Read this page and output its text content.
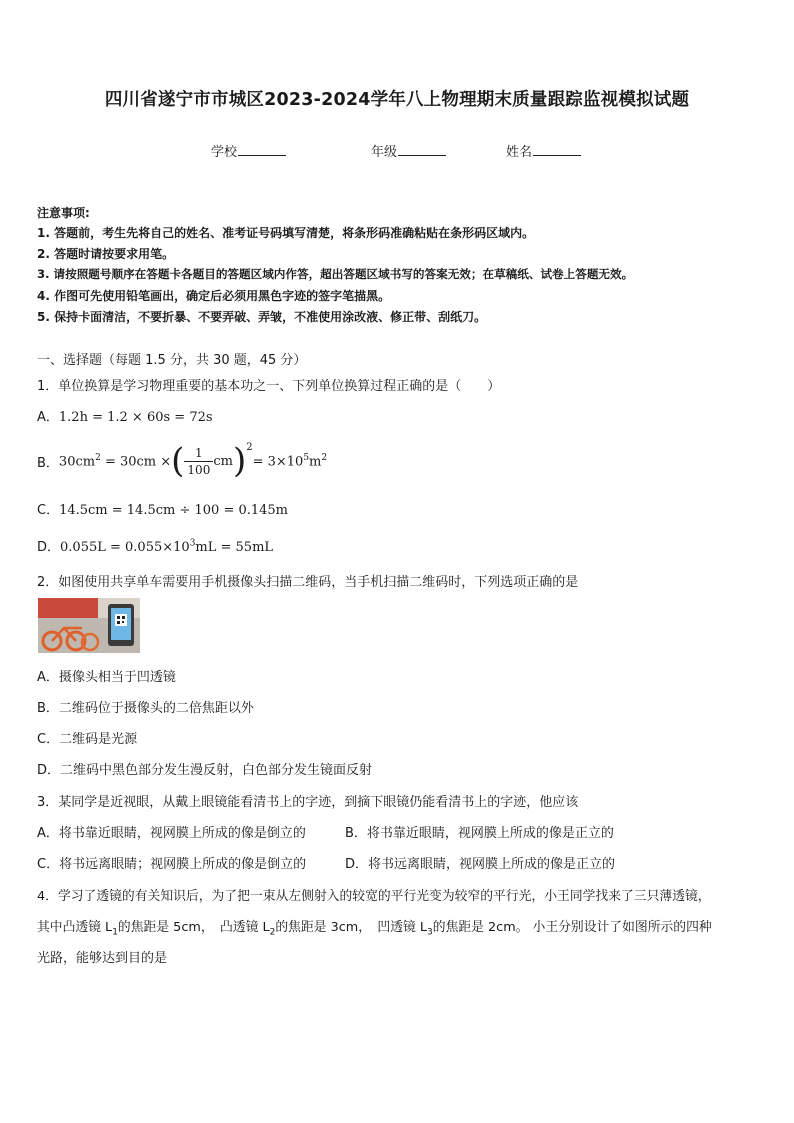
四川省遂宁市市城区2023-2024学年八上物理期末质量跟踪监视模拟试题
学校	年级	姓名
注意事项:
1. 答题前，考生先将自己的姓名、准考证号码填写清楚，将条形码准确粘贴在条形码区域内。
2. 答题时请按要求用笔。
3. 请按照题号顺序在答题卡各题目的答题区域内作答，超出答题区域书写的答案无效；在草稿纸、试卷上答题无效。
4. 作图可先使用铅笔画出，确定后必须用黑色字迹的签字笔描黑。
5. 保持卡面清洁，不要折暴、不要弄破、弄皱，不准使用涂改液、修正带、刮纸刀。
一、选择题（每题 1.5 分，共 30 题，45 分）
1．单位换算是学习物理重要的基本功之一、下列单位换算过程正确的是（　　）
A．1.2h = 1.2 × 60s = 72s
B． $30cm^2 = 30cm$ × ( $\frac{1}{100}$ cm ) 2
= $3\times 10^5m^2$
C．14.5cm = 14.5cm ÷ 100 = 0.145m
D．$0.055L = 0.055\times 10^3mL = 55mL$
2．如图使用共享单车需要用手机摄像头扫描二维码，当手机扫描二维码时，下列选项正确的是
A．摄像头相当于凹透镜
B．二维码位于摄像头的二倍焦距以外
C．二维码是光源
D．二维码中黑色部分发生漫反射，白色部分发生镜面反射
3．某同学是近视眼，从戴上眼镜能看清书上的字迹，到摘下眼镜仍能看清书上的字迹，他应该
A．将书靠近眼睛，视网膜上所成的像是倒立的	B．将书靠近眼睛，视网膜上所成的像是正立的
C．将书远离眼睛；视网膜上所成的像是倒立的	D．将书远离眼睛，视网膜上所成的像是正立的
4．学习了透镜的有关知识后，为了把一束从左侧射入的较宽的平行光变为较窄的平行光，小王同学找来了三只薄透镜，
其中凸透镜 $L_1$的焦距是 5cm，　凸透镜 $L_2$的焦距是 3cm，　凹透镜 $L_3$的焦距是 2cm。 小王分别设计了如图所示的四种
光路，能够达到目的是
